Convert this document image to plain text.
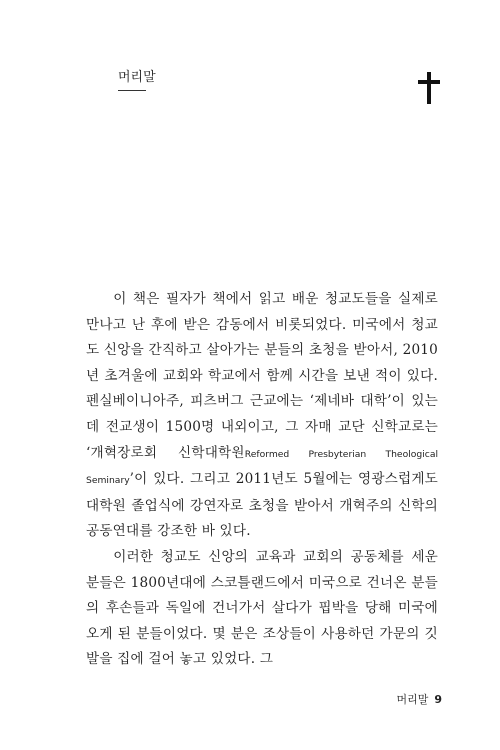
머리말

이 책은 필자가 책에서 읽고 배운 청교도들을 실제로 만나고 난 후에 받은 감동에서 비롯되었다. 미국에서 청교도 신앙을 간직하고 살아가는 분들의 초청을 받아서, 2010년 초겨울에 교회와 학교에서 함께 시간을 보낸 적이 있다. 펜실베이니아주, 피츠버그 근교에는 ‘제네바 대학’이 있는데 전교생이 1500명 내외이고, 그 자매 교단 신학교로는 ‘개혁장로회 신학대학원Reformed Presbyterian Theological Seminary’이 있다. 그리고 2011년도 5월에는 영광스럽게도 대학원 졸업식에 강연자로 초청을 받아서 개혁주의 신학의 공동연대를 강조한 바 있다.

이러한 청교도 신앙의 교육과 교회의 공동체를 세운 분들은 1800년대에 스코틀랜드에서 미국으로 건너온 분들의 후손들과 독일에 건너가서 살다가 핍박을 당해 미국에 오게 된 분들이었다. 몇 분은 조상들이 사용하던 가문의 깃발을 집에 걸어 놓고 있었다. 그

머리말 9
